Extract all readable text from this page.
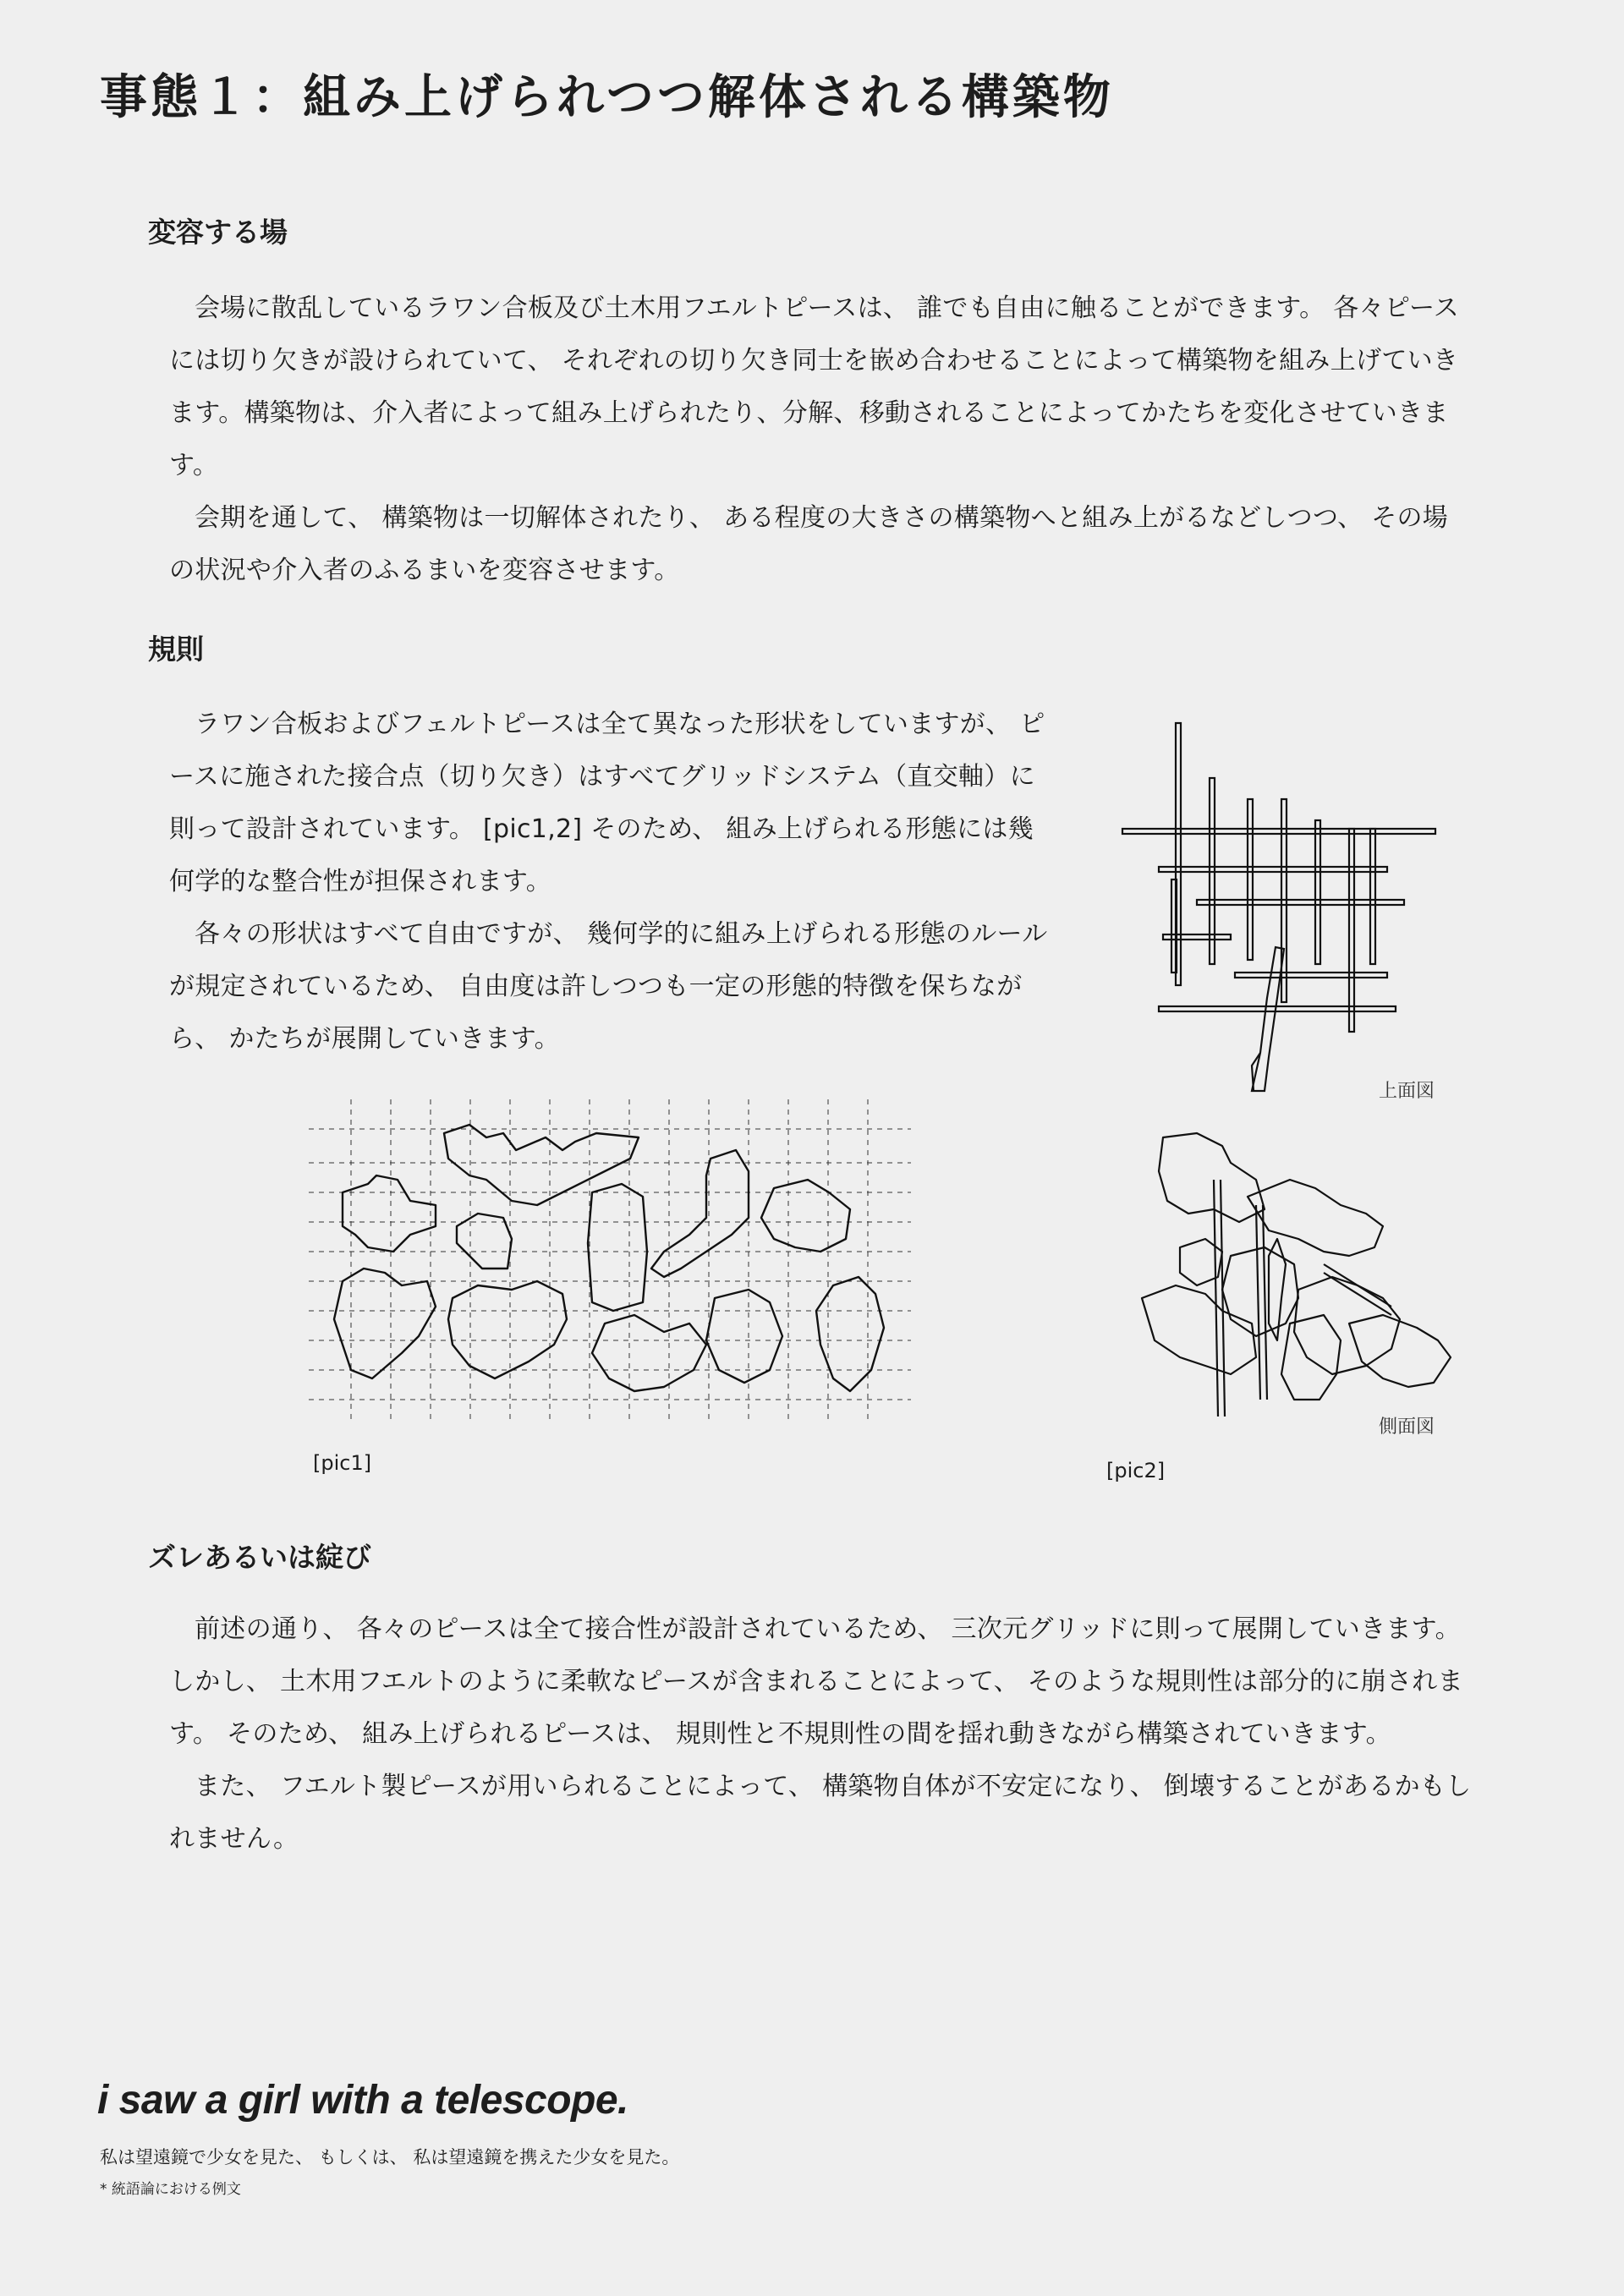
事態１：組み上げられつつ解体される構築物
変容する場

会場に散乱しているラワン合板及び土木用フエルトピースは、 誰でも自由に触ることができます。 各々ピースには切り欠きが設けられていて、 それぞれの切り欠き同士を嵌め合わせることによって構築物を組み上げていきます。構築物は、介入者によって組み上げられたり、分解、移動されることによってかたちを変化させていきます。

会期を通して、 構築物は一切解体されたり、 ある程度の大きさの構築物へと組み上がるなどしつつ、 その場の状況や介入者のふるまいを変容させます。

規則

ラワン合板およびフェルトピースは全て異なった形状をしていますが、 ピースに施された接合点（切り欠き）はすべてグリッドシステム（直交軸）に則って設計されています。 [pic1,2] そのため、 組み上げられる形態には幾何学的な整合性が担保されます。

各々の形状はすべて自由ですが、 幾何学的に組み上げられる形態のルールが規定されているため、 自由度は許しつつも一定の形態的特徴を保ちながら、 かたちが展開していきます。

上面図
[pic1]
側面図
[pic2]
ズレあるいは綻び

前述の通り、 各々のピースは全て接合性が設計されているため、 三次元グリッドに則って展開していきます。 しかし、 土木用フエルトのように柔軟なピースが含まれることによって、 そのような規則性は部分的に崩されます。 そのため、 組み上げられるピースは、 規則性と不規則性の間を揺れ動きながら構築されていきます。

また、 フエルト製ピースが用いられることによって、 構築物自体が不安定になり、 倒壊することがあるかもしれません。

i saw a girl with a telescope.
私は望遠鏡で少女を見た、 もしくは、 私は望遠鏡を携えた少女を見た。
* 統語論における例文
